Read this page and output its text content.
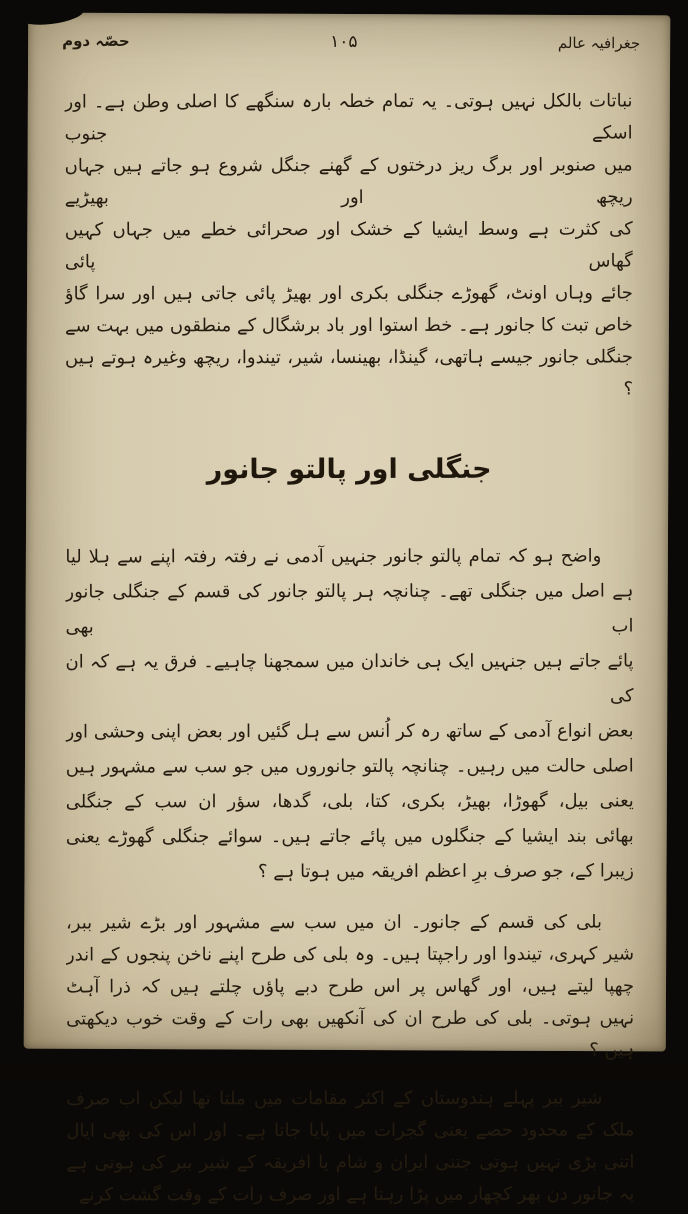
جغرافیہ عالم
۱۰۵
حصّہ دوم
نباتات بالکل نہیں ہوتی۔ یہ تمام خطہ بارہ سنگھے کا اصلی وطن ہے۔ اور اسکے جنوب
میں صنوبر اور برگ ریز درختوں کے گھنے جنگل شروع ہو جاتے ہیں جہاں ریچھ اور بھیڑیے
کی کثرت ہے وسط ایشیا کے خشک اور صحرائی خطے میں جہاں کہیں گھاس پائی
جائے وہاں اونٹ، گھوڑے جنگلی بکری اور بھیڑ پائی جاتی ہیں اور سرا گاؤ
خاص تبت کا جانور ہے۔ خط استوا اور باد برشگال کے منطقوں میں بہت سے
جنگلی جانور جیسے ہاتھی، گینڈا، بھینسا، شیر، تیندوا، ریچھ وغیرہ ہوتے ہیں ؟
جنگلی اور پالتو جانور
واضح ہو کہ تمام پالتو جانور جنہیں آدمی نے رفتہ رفتہ اپنے سے ہلا لیا
ہے اصل میں جنگلی تھے۔ چنانچہ ہر پالتو جانور کی قسم کے جنگلی جانور اب بھی
پائے جاتے ہیں جنہیں ایک ہی خاندان میں سمجھنا چاہیے۔ فرق یہ ہے کہ ان کی
بعض انواع آدمی کے ساتھ رہ کر اُنس سے ہل گئیں اور بعض اپنی وحشی اور
اصلی حالت میں رہیں۔ چنانچہ پالتو جانوروں میں جو سب سے مشہور ہیں
یعنی بیل، گھوڑا، بھیڑ، بکری، کتا، بلی، گدھا، سؤر ان سب کے جنگلی
بھائی بند ایشیا کے جنگلوں میں پائے جاتے ہیں۔ سوائے جنگلی گھوڑے یعنی
زیبرا کے، جو صرف برِ اعظم افریقہ میں ہوتا ہے ؟
بلی کی قسم کے جانور۔ ان میں سب سے مشہور اور بڑے شیر ببر،
شیر کہری، تیندوا اور راجپتا ہیں۔ وہ بلی کی طرح اپنے ناخن پنجوں کے اندر
چھپا لیتے ہیں، اور گھاس پر اس طرح دبے پاؤں چلتے ہیں کہ ذرا آہٹ
نہیں ہوتی۔ بلی کی طرح ان کی آنکھیں بھی رات کے وقت خوب دیکھتی ہیں ؟
شیر ببر پہلے ہندوستان کے اکثر مقامات میں ملتا تھا لیکن اب صرف
ملک کے محدود حصے یعنی گجرات میں پایا جاتا ہے۔ اور اس کی بھی ایال
اتنی بڑی نہیں ہوتی جتنی ایران و شام یا افریقہ کے شیر ببر کی ہوتی ہے
یہ جانور دن بھر کچھار میں پڑا رہتا ہے اور صرف رات کے وقت گشت کرنے
